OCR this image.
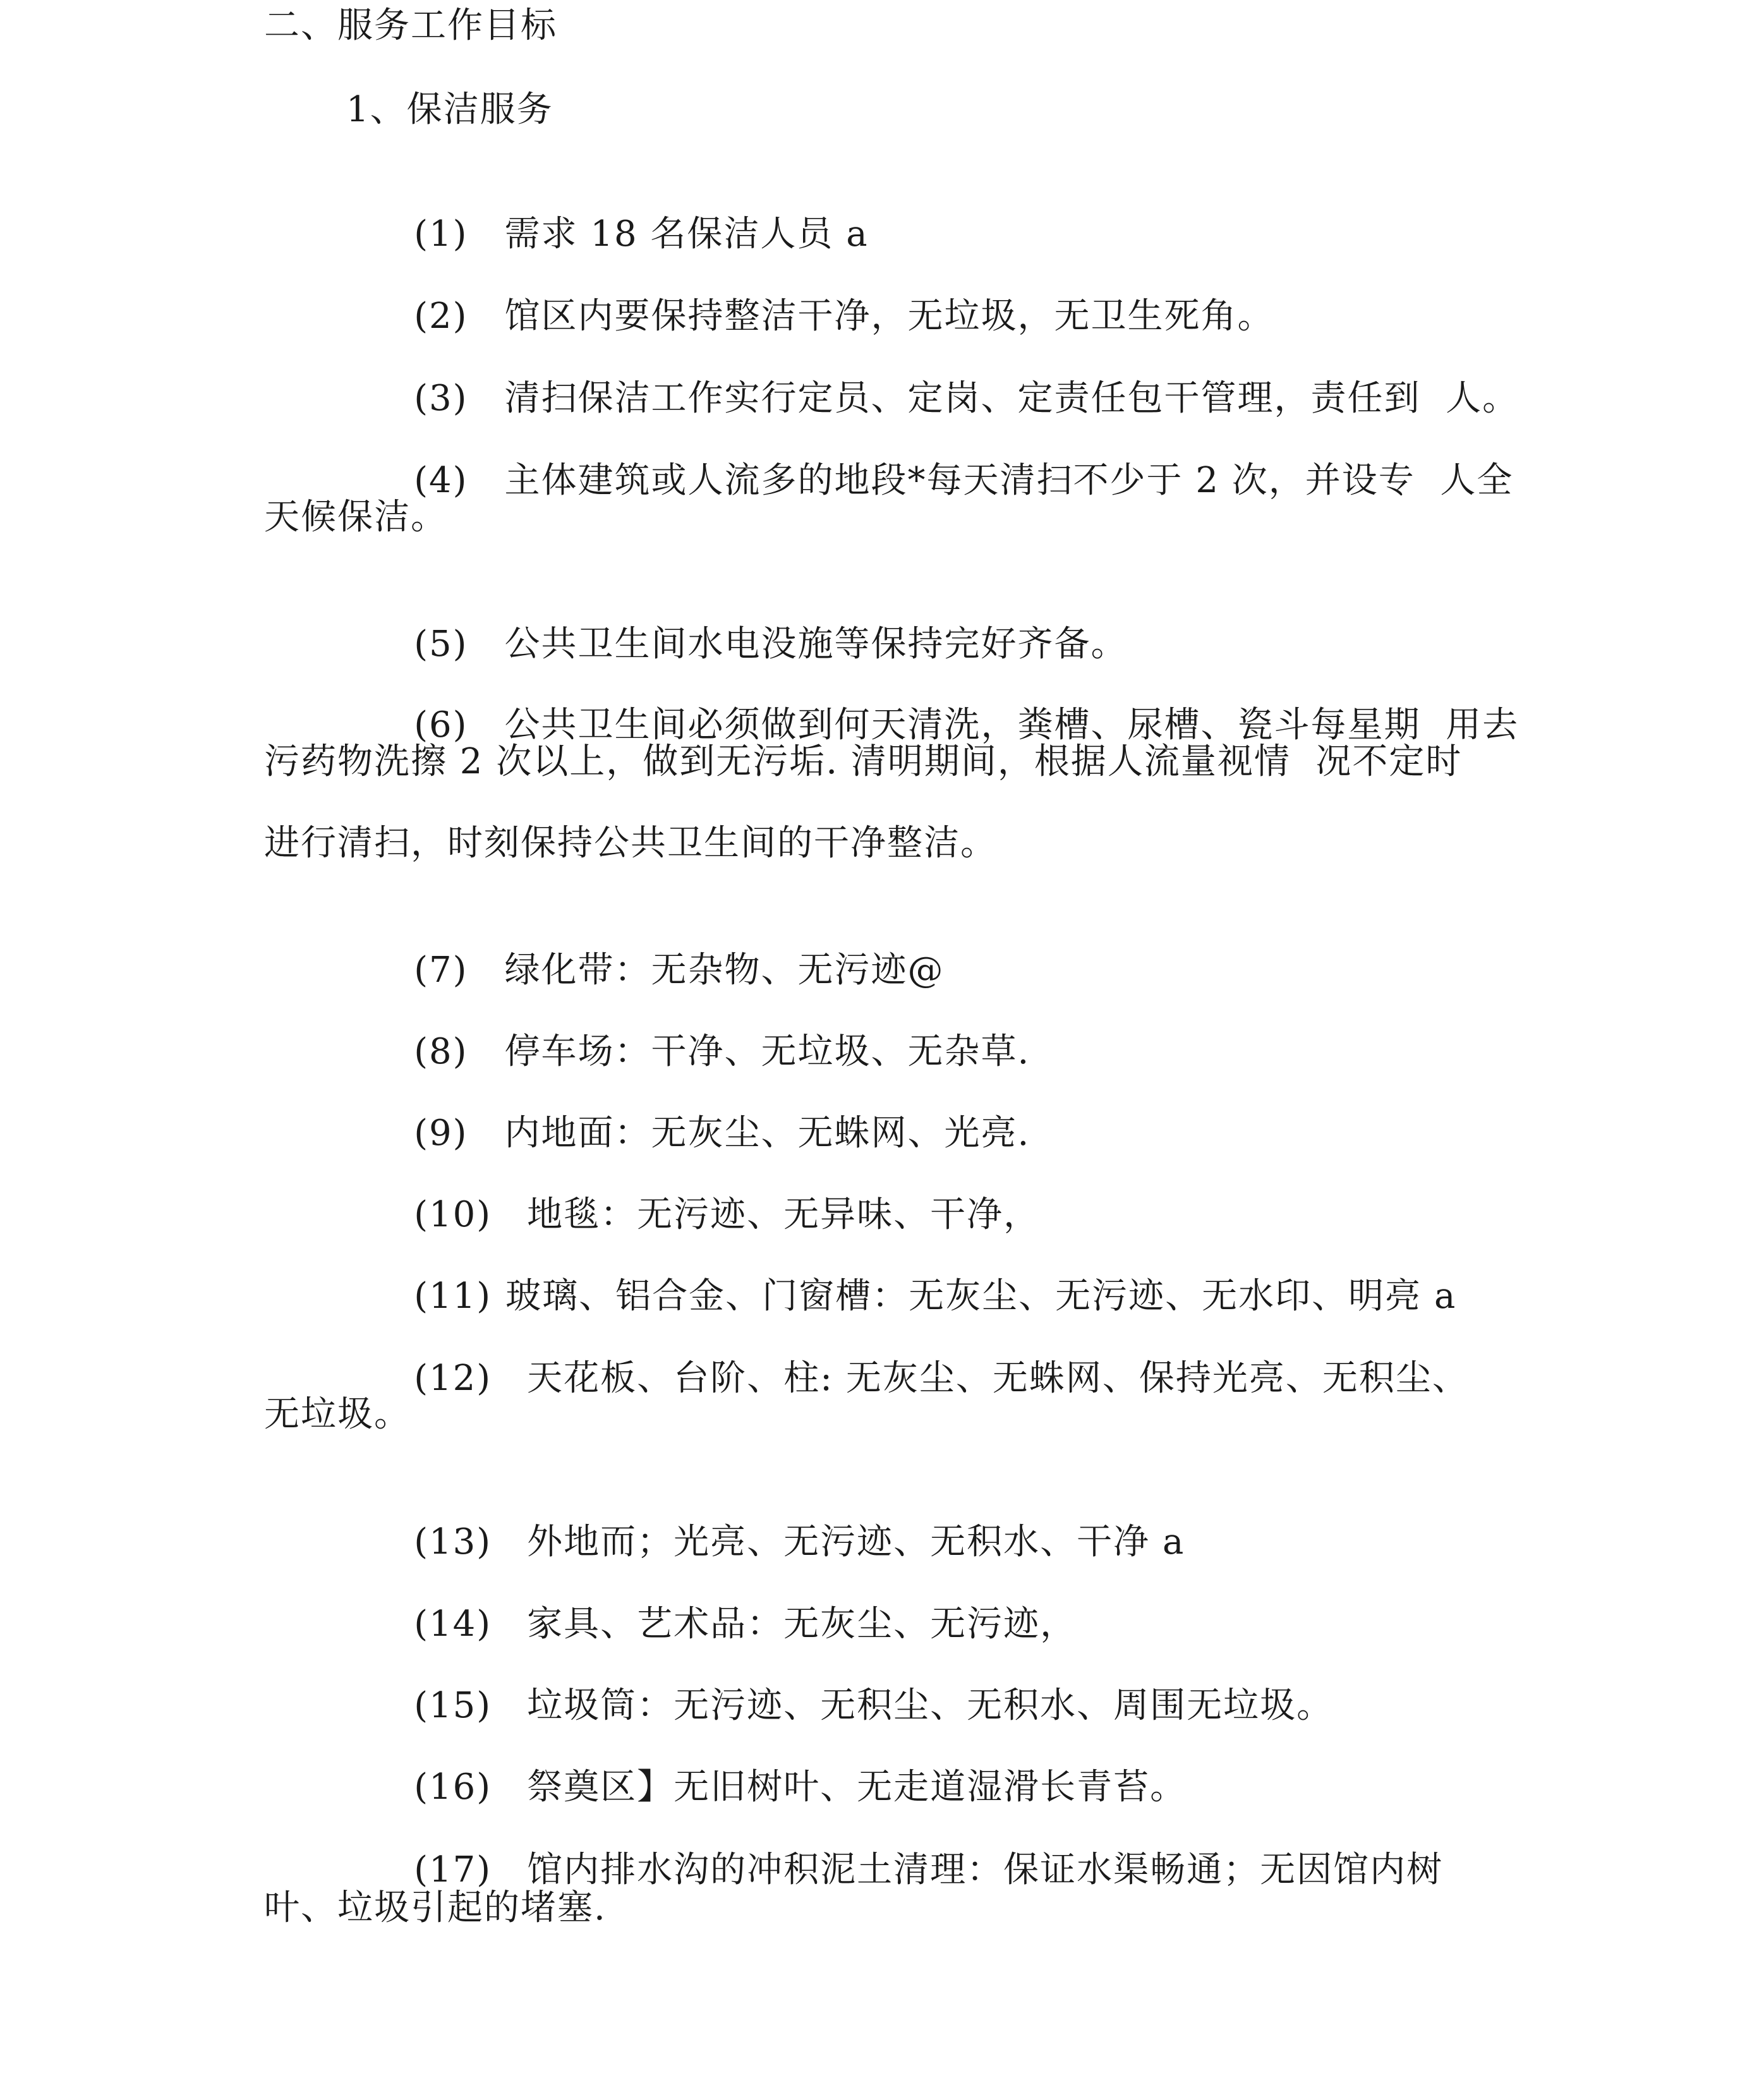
二、服务工作目标
1、保洁服务

(1) 需求 18 名保洁人员 a

(2) 馆区内要保持整洁干净，无垃圾，无卫生死角。

(3) 清扫保洁工作实行定员、定岗、定责任包干管理，责任到  人。

(4) 主体建筑或人流多的地段*每天清扫不少于 2 次，并设专  人全

天候保洁。

(5) 公共卫生间水电没施等保持完好齐备。

(6) 公共卫生间必须做到何天清洗，粪槽、尿槽、瓷斗每星期  用去

污药物洗擦 2 次以上，做到无污垢. 清明期间，根据人流量视情  况不定时
进行清扫，时刻保持公共卫生间的干净整洁。

(7) 绿化带：无杂物、无污迹@

(8) 停车场：干净、无垃圾、无杂草.

(9) 内地面：无灰尘、无蛛网、光亮.

(10) 地毯：无污迹、无异味、干净，

(11) 玻璃、铝合金、门窗槽：无灰尘、无污迹、无水印、明亮 a

(12) 天花板、台阶、柱: 无灰尘、无蛛网、保持光亮、无积尘、

无垃圾。

(13) 外地而；光亮、无污迹、无积水、干净 a

(14) 家具、艺术品：无灰尘、无污迹，

(15) 垃圾筒：无污迹、无积尘、无积水、周围无垃圾。

(16) 祭奠区】无旧树叶、无走道湿滑长青苔。

(17) 馆内排水沟的冲积泥土清理：保证水渠畅通；无因馆内树

叶、垃圾引起的堵塞.
